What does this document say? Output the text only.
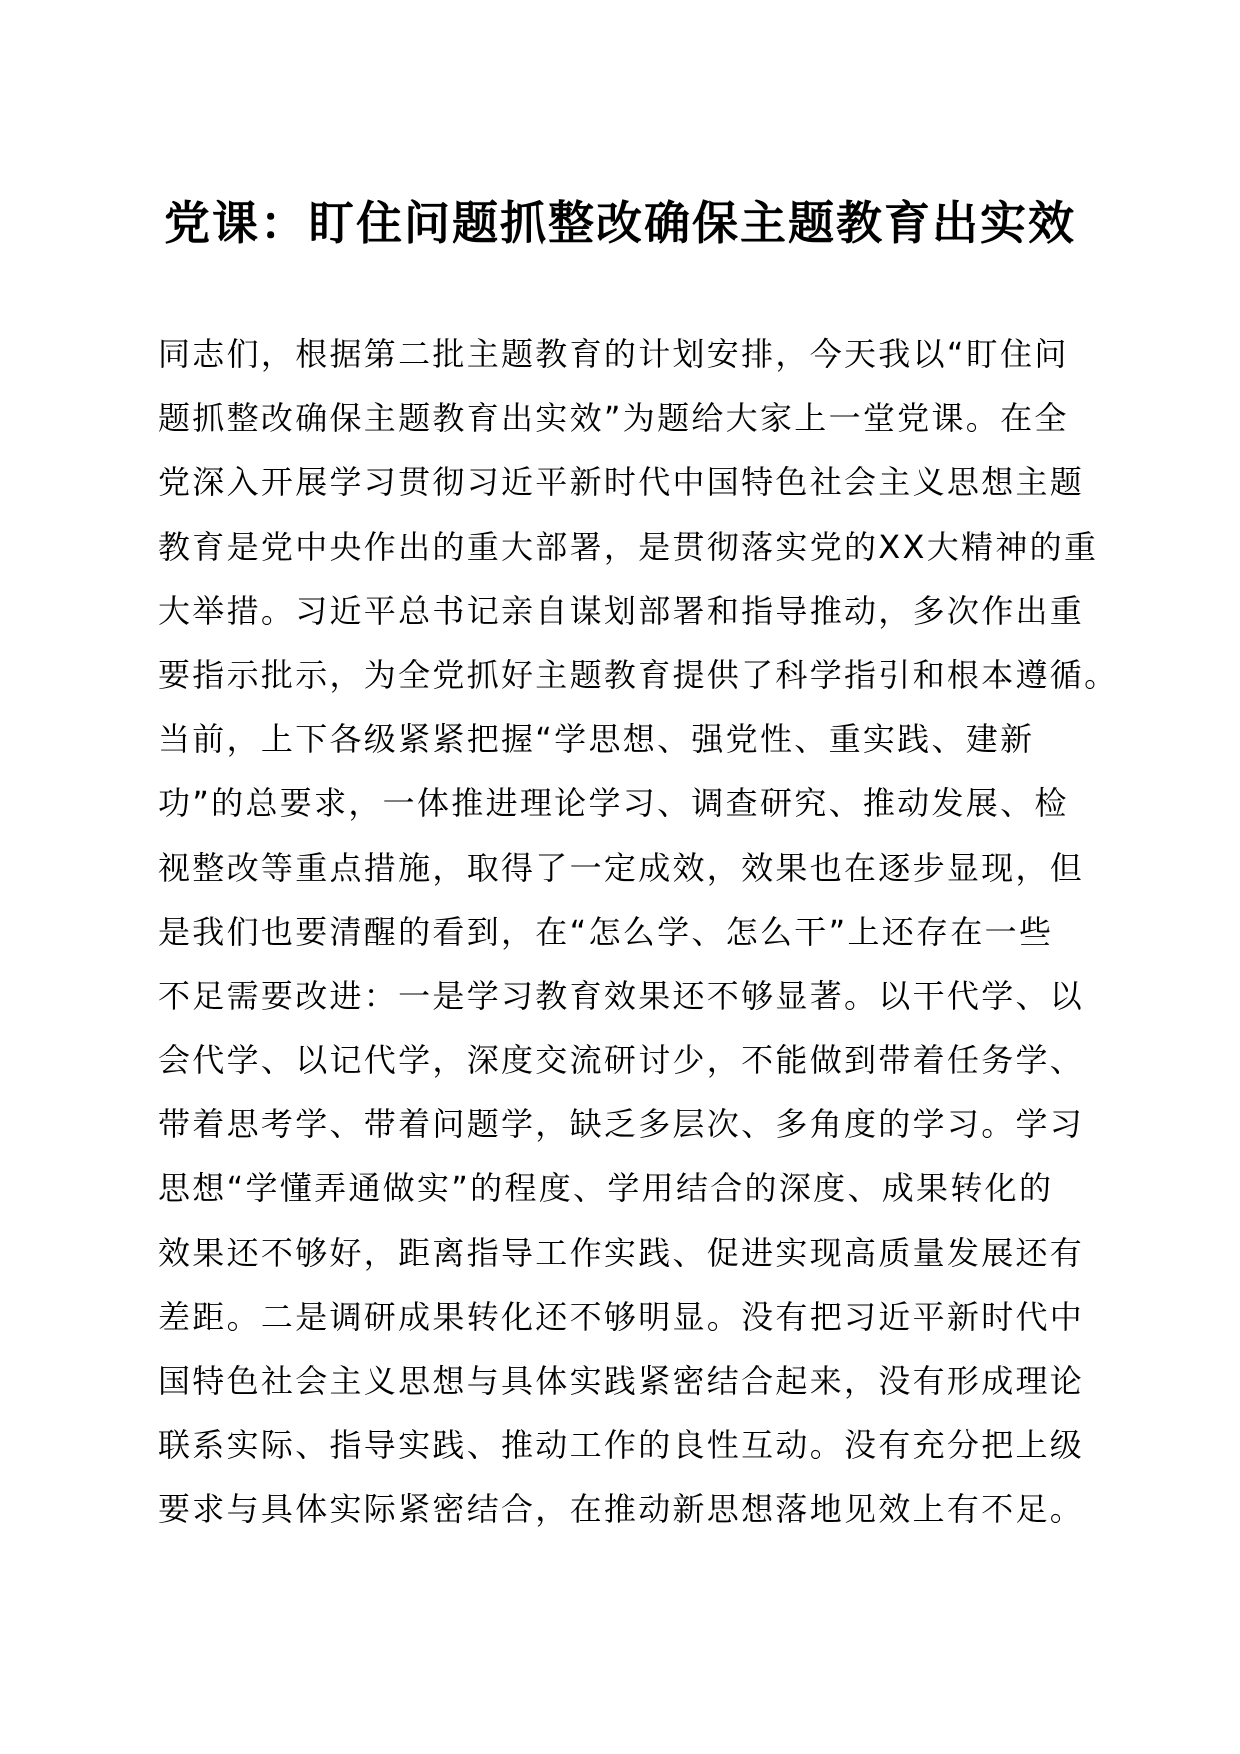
党课：盯住问题抓整改确保主题教育出实效
同志们，根据第二批主题教育的计划安排，今天我以“盯住问
题抓整改确保主题教育出实效”为题给大家上一堂党课。在全
党深入开展学习贯彻习近平新时代中国特色社会主义思想主题
教育是党中央作出的重大部署，是贯彻落实党的XX大精神的重
大举措。习近平总书记亲自谋划部署和指导推动，多次作出重
要指示批示，为全党抓好主题教育提供了科学指引和根本遵循。
当前，上下各级紧紧把握“学思想、强党性、重实践、建新
功”的总要求，一体推进理论学习、调查研究、推动发展、检
视整改等重点措施，取得了一定成效，效果也在逐步显现，但
是我们也要清醒的看到，在“怎么学、怎么干”上还存在一些
不足需要改进：一是学习教育效果还不够显著。以干代学、以
会代学、以记代学，深度交流研讨少，不能做到带着任务学、
带着思考学、带着问题学，缺乏多层次、多角度的学习。学习
思想“学懂弄通做实”的程度、学用结合的深度、成果转化的
效果还不够好，距离指导工作实践、促进实现高质量发展还有
差距。二是调研成果转化还不够明显。没有把习近平新时代中
国特色社会主义思想与具体实践紧密结合起来，没有形成理论
联系实际、指导实践、推动工作的良性互动。没有充分把上级
要求与具体实际紧密结合，在推动新思想落地见效上有不足。
